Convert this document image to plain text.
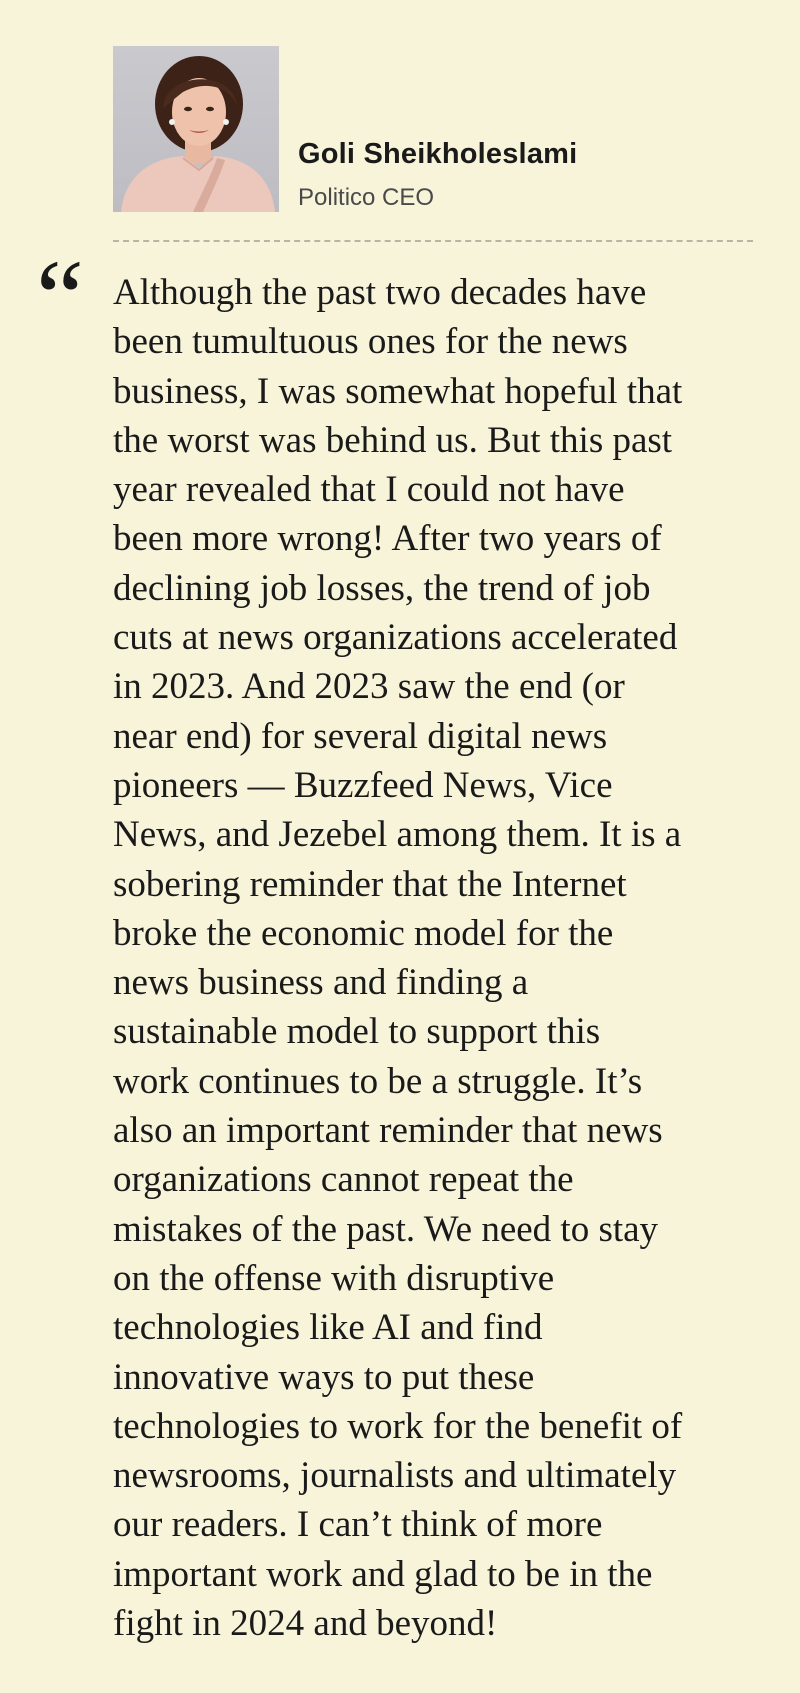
Goli Sheikholeslami
Politico CEO
“ Although the past two decades have
been tumultuous ones for the news
business, I was somewhat hopeful that
the worst was behind us. But this past
year revealed that I could not have
been more wrong! After two years of
declining job losses, the trend of job
cuts at news organizations accelerated
in 2023. And 2023 saw the end (or
near end) for several digital news
pioneers — Buzzfeed News, Vice
News, and Jezebel among them. It is a
sobering reminder that the Internet
broke the economic model for the
news business and finding a
sustainable model to support this
work continues to be a struggle. It’s
also an important reminder that news
organizations cannot repeat the
mistakes of the past. We need to stay
on the offense with disruptive
technologies like AI and find
innovative ways to put these
technologies to work for the benefit of
newsrooms, journalists and ultimately
our readers. I can’t think of more
important work and glad to be in the
fight in 2024 and beyond!
